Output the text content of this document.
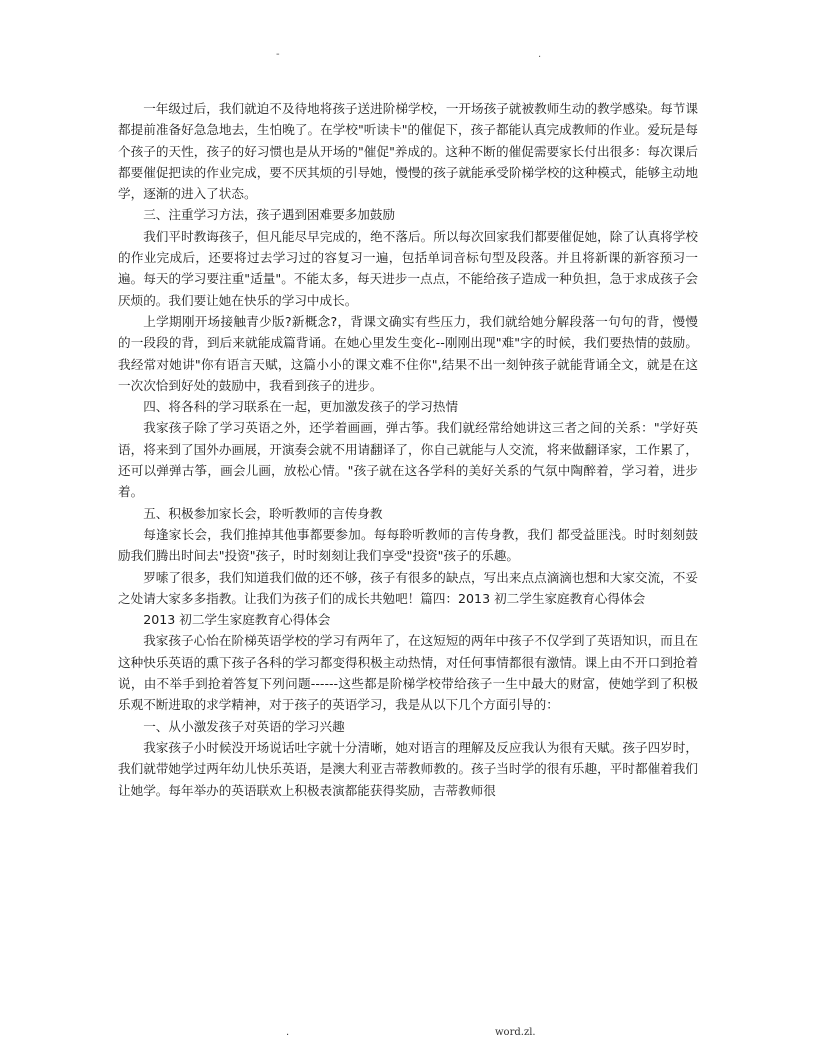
-	.

一年级过后，我们就迫不及待地将孩子送进阶梯学校，一开场孩子就被教师生动的教学感染。每节课都提前准备好急急地去，生怕晚了。在学校"听读卡"的催促下，孩子都能认真完成教师的作业。爱玩是每个孩子的天性，孩子的好习惯也是从开场的"催促"养成的。这种不断的催促需要家长付出很多：每次课后都要催促把读的作业完成，要不厌其烦的引导她，慢慢的孩子就能承受阶梯学校的这种模式，能够主动地学，逐渐的进入了状态。

三、注重学习方法，孩子遇到困难要多加鼓励

我们平时教诲孩子，但凡能尽早完成的，绝不落后。所以每次回家我们都要催促她，除了认真将学校的作业完成后，还要将过去学习过的容复习一遍，包括单词音标句型及段落。并且将新课的新容预习一遍。每天的学习要注重"适量"。不能太多，每天进步一点点，不能给孩子造成一种负担，急于求成孩子会厌烦的。我们要让她在快乐的学习中成长。

上学期刚开场接触青少版?新概念?，背课文确实有些压力，我们就给她分解段落一句句的背，慢慢的一段段的背，到后来就能成篇背诵。在她心里发生变化--刚刚出现"难"字的时候，我们要热情的鼓励。我经常对她讲"你有语言天赋，这篇小小的课文难不住你",结果不出一刻钟孩子就能背诵全文，就是在这一次次恰到好处的鼓励中，我看到孩子的进步。

四、将各科的学习联系在一起，更加激发孩子的学习热情

我家孩子除了学习英语之外，还学着画画，弹古筝。我们就经常给她讲这三者之间的关系："学好英语，将来到了国外办画展，开演奏会就不用请翻译了，你自己就能与人交流，将来做翻译家，工作累了，还可以弹弹古筝，画会儿画，放松心情。"孩子就在这各学科的美好关系的气氛中陶醉着，学习着，进步着。

五、积极参加家长会，聆听教师的言传身教

每逢家长会，我们推掉其他事都要参加。每每聆听教师的言传身教，我们 都受益匪浅。时时刻刻鼓励我们腾出时间去"投资"孩子，时时刻刻让我们享受"投资"孩子的乐趣。

罗嗦了很多，我们知道我们做的还不够，孩子有很多的缺点，写出来点点滴滴也想和大家交流，不妥之处请大家多多指教。让我们为孩子们的成长共勉吧！篇四：2013 初二学生家庭教育心得体会

2013 初二学生家庭教育心得体会

我家孩子心怡在阶梯英语学校的学习有两年了，在这短短的两年中孩子不仅学到了英语知识，而且在这种快乐英语的熏下孩子各科的学习都变得积极主动热情，对任何事情都很有激情。课上由不开口到抢着说，由不举手到抢着答复下列问题------这些都是阶梯学校带给孩子一生中最大的财富，使她学到了积极乐观不断进取的求学精神，对于孩子的英语学习，我是从以下几个方面引导的：

一、从小激发孩子对英语的学习兴趣

我家孩子小时候没开场说话吐字就十分清晰，她对语言的理解及反应我认为很有天赋。孩子四岁时，我们就带她学过两年幼儿快乐英语，是澳大利亚吉蒂教师教的。孩子当时学的很有乐趣，平时都催着我们让她学。每年举办的英语联欢上积极表演都能获得奖励，吉蒂教师很

.	word.zl.
